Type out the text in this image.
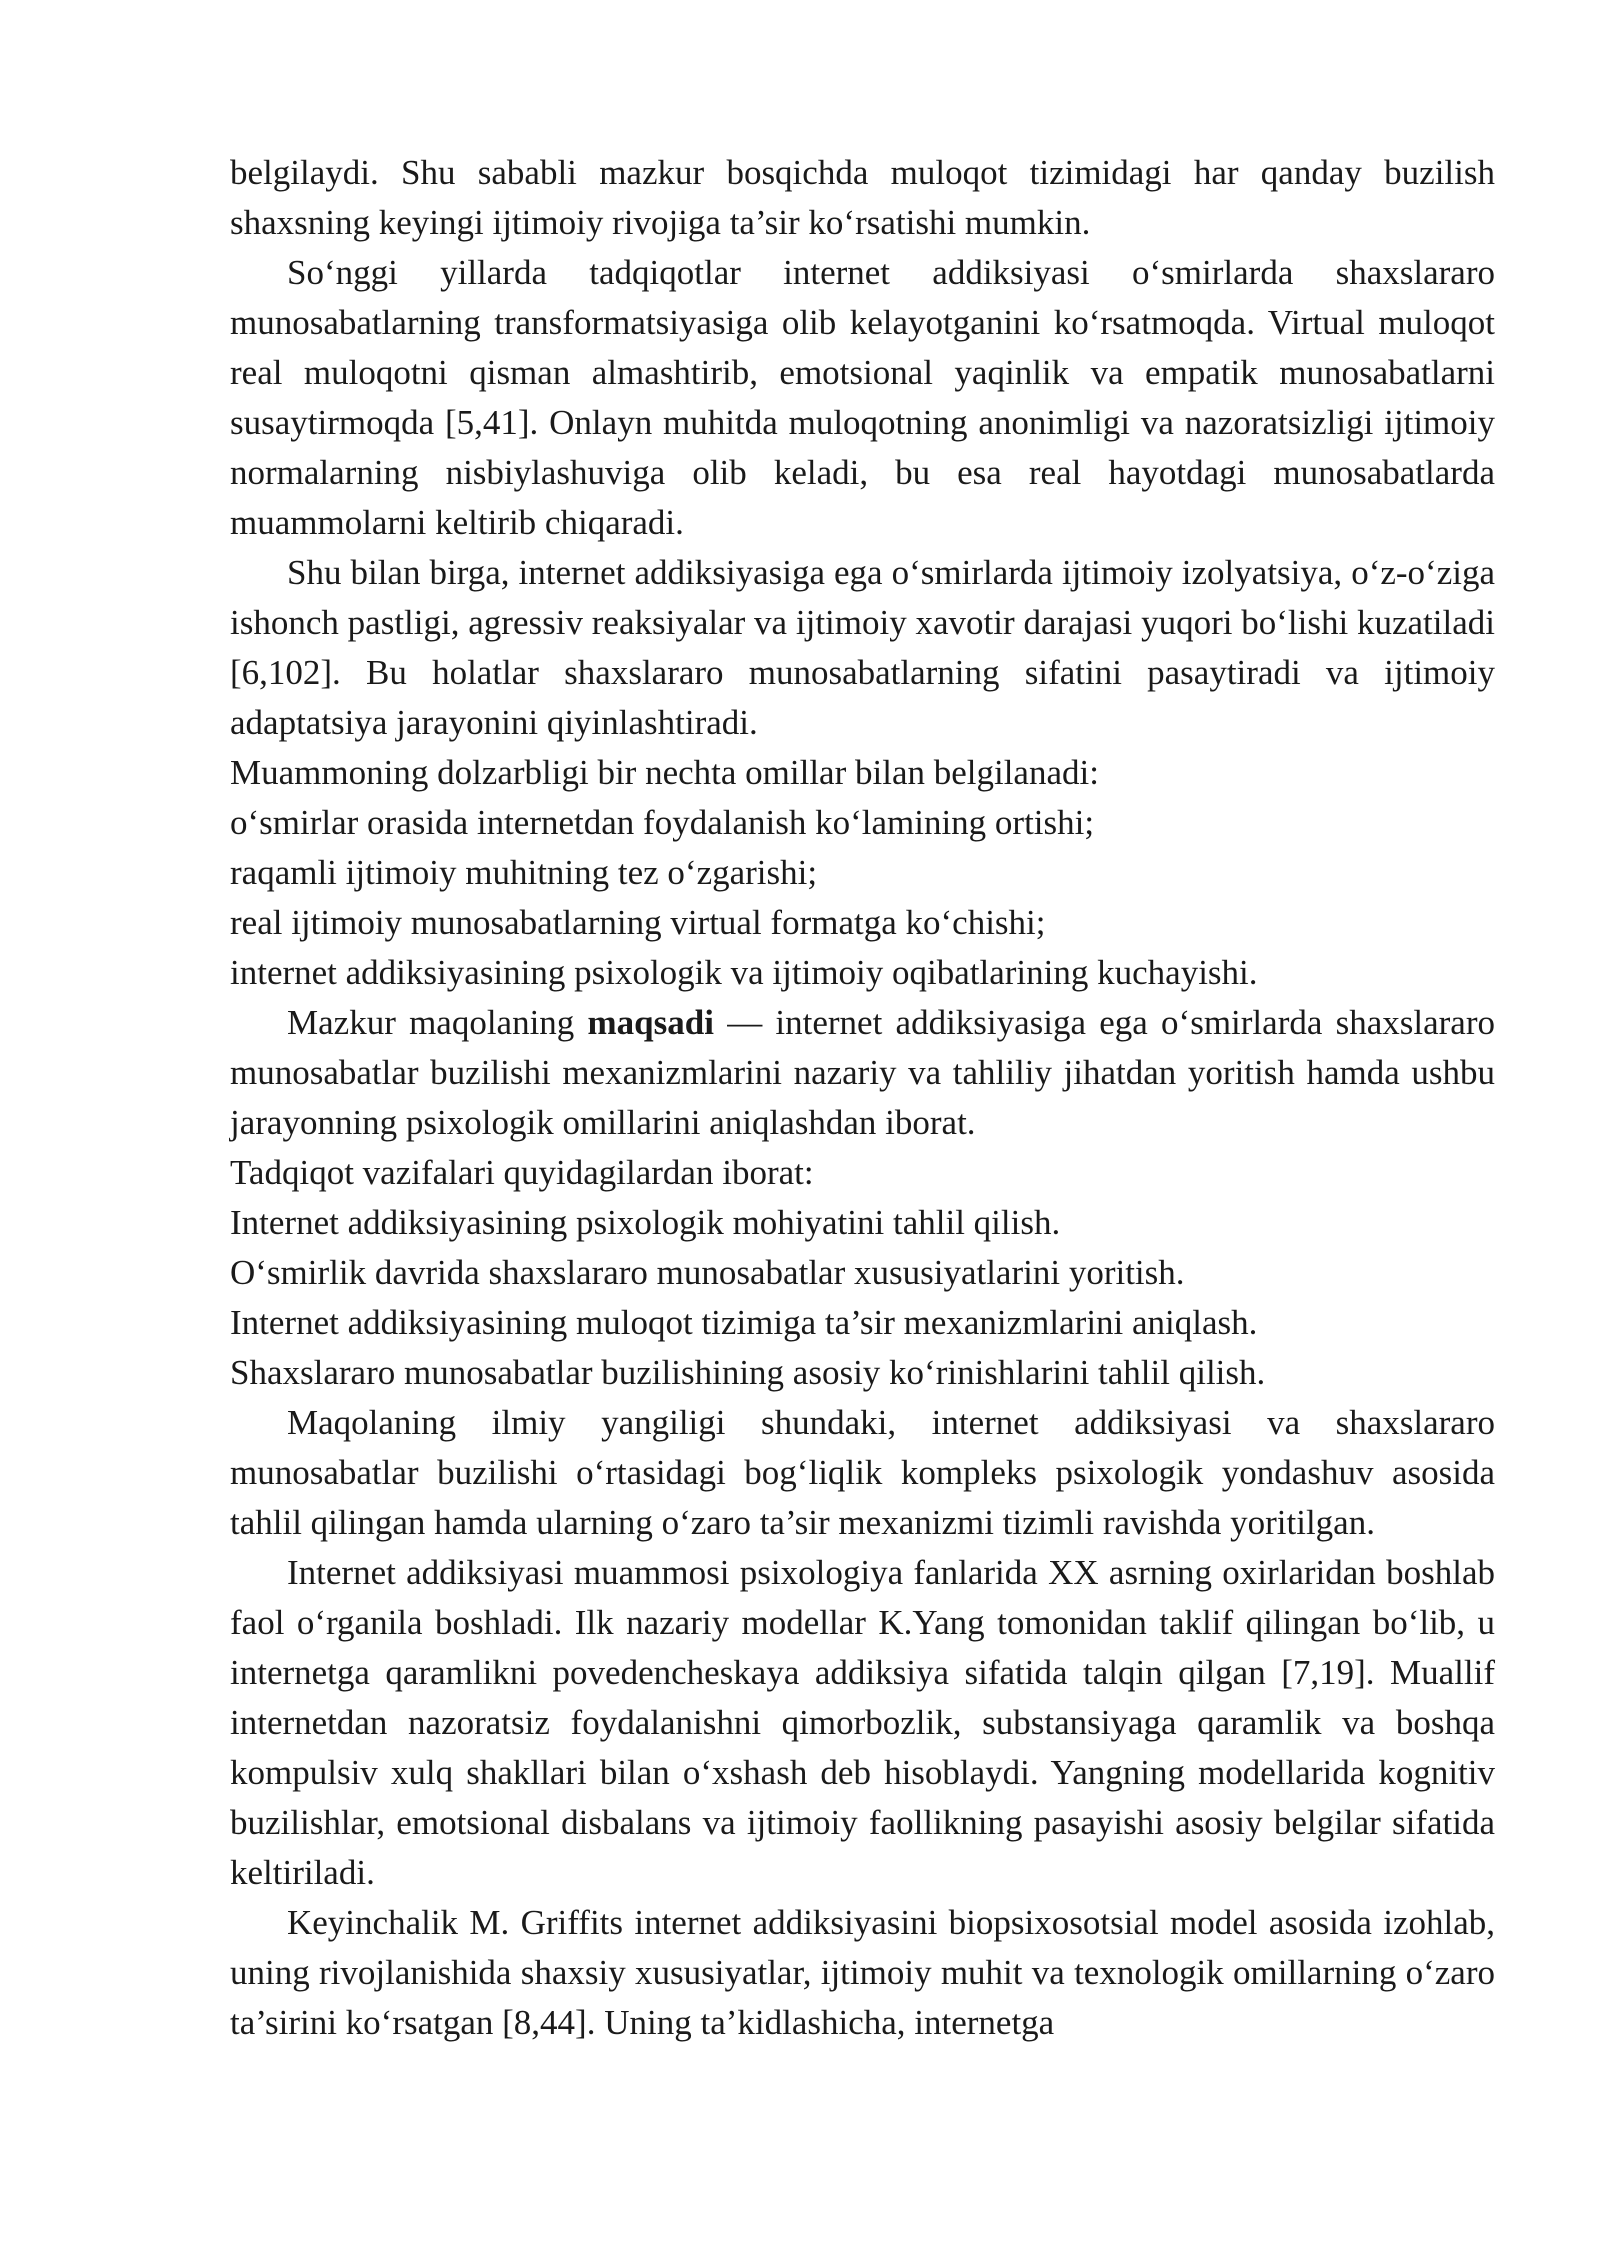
belgilaydi. Shu sababli mazkur bosqichda muloqot tizimidagi har qanday buzilish shaxsning keyingi ijtimoiy rivojiga ta’sir ko‘rsatishi mumkin.

So‘nggi yillarda tadqiqotlar internet addiksiyasi o‘smirlarda shaxslararo munosabatlarning transformatsiyasiga olib kelayotganini ko‘rsatmoqda. Virtual muloqot real muloqotni qisman almashtirib, emotsional yaqinlik va empatik munosabatlarni susaytirmoqda [5,41]. Onlayn muhitda muloqotning anonimligi va nazoratsizligi ijtimoiy normalarning nisbiylashuviga olib keladi, bu esa real hayotdagi munosabatlarda muammolarni keltirib chiqaradi.

Shu bilan birga, internet addiksiyasiga ega o‘smirlarda ijtimoiy izolyatsiya, o‘z-o‘ziga ishonch pastligi, agressiv reaksiyalar va ijtimoiy xavotir darajasi yuqori bo‘lishi kuzatiladi [6,102]. Bu holatlar shaxslararo munosabatlarning sifatini pasaytiradi va ijtimoiy adaptatsiya jarayonini qiyinlashtiradi.

Muammoning dolzarbligi bir nechta omillar bilan belgilanadi:

o‘smirlar orasida internetdan foydalanish ko‘lamining ortishi;

raqamli ijtimoiy muhitning tez o‘zgarishi;

real ijtimoiy munosabatlarning virtual formatga ko‘chishi;

internet addiksiyasining psixologik va ijtimoiy oqibatlarining kuchayishi.

Mazkur maqolaning maqsadi — internet addiksiyasiga ega o‘smirlarda shaxslararo munosabatlar buzilishi mexanizmlarini nazariy va tahliliy jihatdan yoritish hamda ushbu jarayonning psixologik omillarini aniqlashdan iborat.

Tadqiqot vazifalari quyidagilardan iborat:

Internet addiksiyasining psixologik mohiyatini tahlil qilish.

O‘smirlik davrida shaxslararo munosabatlar xususiyatlarini yoritish.

Internet addiksiyasining muloqot tizimiga ta’sir mexanizmlarini aniqlash.

Shaxslararo munosabatlar buzilishining asosiy ko‘rinishlarini tahlil qilish.

Maqolaning ilmiy yangiligi shundaki, internet addiksiyasi va shaxslararo munosabatlar buzilishi o‘rtasidagi bog‘liqlik kompleks psixologik yondashuv asosida tahlil qilingan hamda ularning o‘zaro ta’sir mexanizmi tizimli ravishda yoritilgan.

Internet addiksiyasi muammosi psixologiya fanlarida XX asrning oxirlaridan boshlab faol o‘rganila boshladi. Ilk nazariy modellar K.Yang tomonidan taklif qilingan bo‘lib, u internetga qaramlikni povedencheskaya addiksiya sifatida talqin qilgan [7,19]. Muallif internetdan nazoratsiz foydalanishni qimorbozlik, substansiyaga qaramlik va boshqa kompulsiv xulq shakllari bilan o‘xshash deb hisoblaydi. Yangning modellarida kognitiv buzilishlar, emotsional disbalans va ijtimoiy faollikning pasayishi asosiy belgilar sifatida keltiriladi.

Keyinchalik M. Griffits internet addiksiyasini biopsixosotsial model asosida izohlab, uning rivojlanishida shaxsiy xususiyatlar, ijtimoiy muhit va texnologik omillarning o‘zaro ta’sirini ko‘rsatgan [8,44]. Uning ta’kidlashicha, internetga
